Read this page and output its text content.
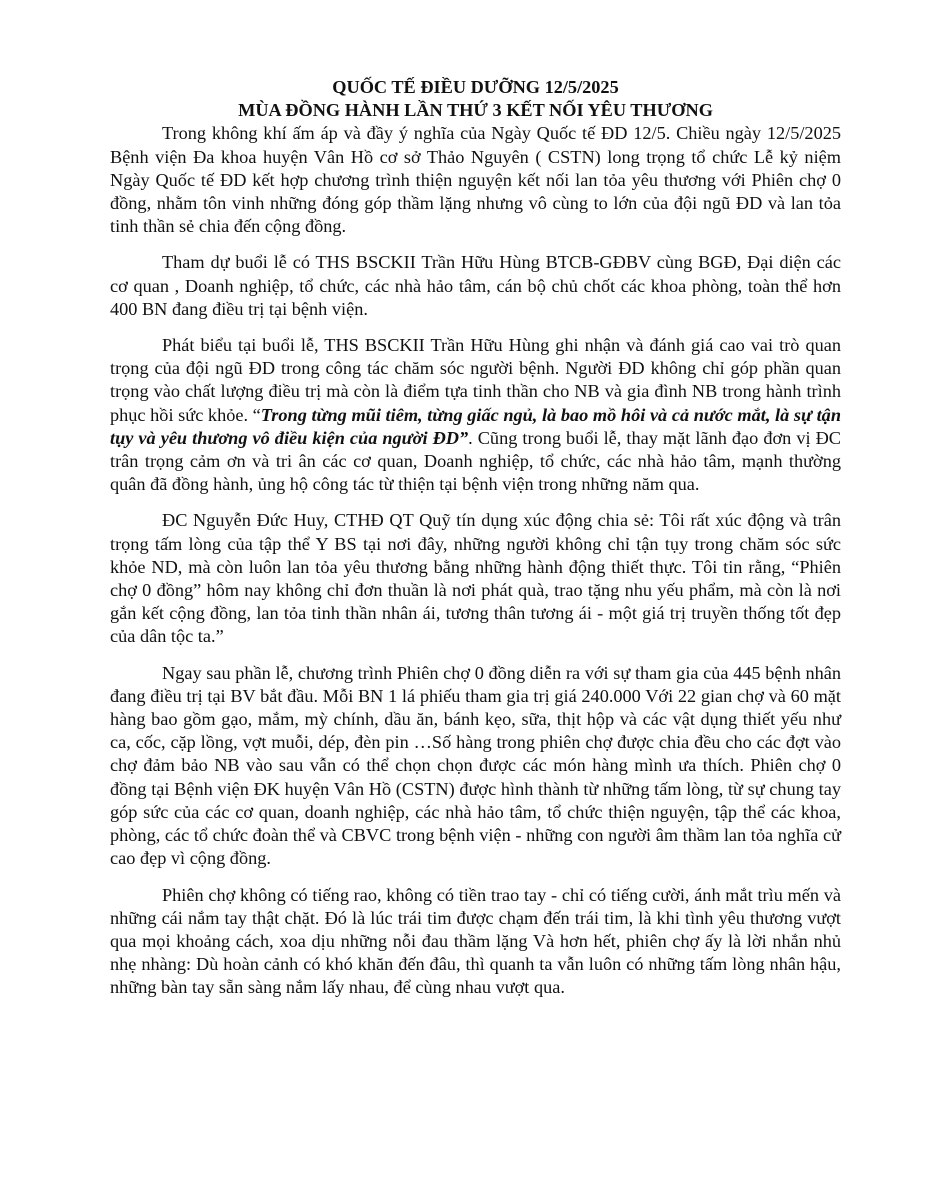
QUỐC TẾ ĐIỀU DƯỠNG 12/5/2025
MÙA ĐỒNG HÀNH LẦN THỨ 3 KẾT NỐI YÊU THƯƠNG

Trong không khí ấm áp và đầy ý nghĩa của Ngày Quốc tế ĐD 12/5. Chiều ngày 12/5/2025 Bệnh viện Đa khoa huyện Vân Hồ cơ sở Thảo Nguyên ( CSTN) long trọng tổ chức Lễ kỷ niệm Ngày Quốc tế ĐD kết hợp chương trình thiện nguyện kết nối lan tỏa yêu thương với Phiên chợ 0 đồng, nhằm tôn vinh những đóng góp thầm lặng nhưng vô cùng to lớn của đội ngũ ĐD và lan tỏa tinh thần sẻ chia đến cộng đồng.

Tham dự buổi lễ có THS BSCKII Trần Hữu Hùng BTCB-GĐBV cùng BGĐ, Đại diện các cơ quan , Doanh nghiệp, tổ chức, các nhà hảo tâm, cán bộ chủ chốt các khoa phòng, toàn thể hơn 400 BN đang điều trị tại bệnh viện.

Phát biểu tại buổi lễ, THS BSCKII Trần Hữu Hùng ghi nhận và đánh giá cao vai trò quan trọng của đội ngũ ĐD trong công tác chăm sóc người bệnh. Người ĐD không chỉ góp phần quan trọng vào chất lượng điều trị mà còn là điểm tựa tinh thần cho NB và gia đình NB trong hành trình phục hồi sức khỏe. “Trong từng mũi tiêm, từng giấc ngủ, là bao mồ hôi và cả nước mắt, là sự tận tụy và yêu thương vô điều kiện của người ĐD”. Cũng trong buổi lễ, thay mặt lãnh đạo đơn vị ĐC trân trọng cảm ơn và tri ân các cơ quan, Doanh nghiệp, tổ chức, các nhà hảo tâm, mạnh thường quân đã đồng hành, ủng hộ công tác từ thiện tại bệnh viện trong những năm qua.

ĐC Nguyễn Đức Huy, CTHĐ QT Quỹ tín dụng xúc động chia sẻ: Tôi rất xúc động và trân trọng tấm lòng của tập thể Y BS tại nơi đây, những người không chỉ tận tụy trong chăm sóc sức khỏe ND, mà còn luôn lan tỏa yêu thương bằng những hành động thiết thực. Tôi tin rằng, “Phiên chợ 0 đồng” hôm nay không chỉ đơn thuần là nơi phát quà, trao tặng nhu yếu phẩm, mà còn là nơi gắn kết cộng đồng, lan tỏa tinh thần nhân ái, tương thân tương ái - một giá trị truyền thống tốt đẹp của dân tộc ta.”

Ngay sau phần lễ, chương trình Phiên chợ 0 đồng diễn ra với sự tham gia của 445 bệnh nhân đang điều trị tại BV bắt đầu. Mỗi BN 1 lá phiếu tham gia trị giá 240.000 Với 22 gian chợ và 60 mặt hàng bao gồm gạo, mắm, mỳ chính, dầu ăn, bánh kẹo, sữa, thịt hộp và các vật dụng thiết yếu như ca, cốc, cặp lồng, vợt muỗi, dép, đèn pin …Số hàng trong phiên chợ được chia đều cho các đợt vào chợ đảm bảo NB vào sau vẫn có thể chọn chọn được các món hàng mình ưa thích. Phiên chợ 0 đồng tại Bệnh viện ĐK huyện Vân Hồ (CSTN) được hình thành từ những tấm lòng, từ sự chung tay góp sức của các cơ quan, doanh nghiệp, các nhà hảo tâm, tổ chức thiện nguyện, tập thể các khoa, phòng, các tổ chức đoàn thể và CBVC trong bệnh viện - những con người âm thầm lan tỏa nghĩa cử cao đẹp vì cộng đồng.

Phiên chợ không có tiếng rao, không có tiền trao tay - chỉ có tiếng cười, ánh mắt trìu mến và những cái nắm tay thật chặt. Đó là lúc trái tim được chạm đến trái tim, là khi tình yêu thương vượt qua mọi khoảng cách, xoa dịu những nỗi đau thầm lặng Và hơn hết, phiên chợ ấy là lời nhắn nhủ nhẹ nhàng: Dù hoàn cảnh có khó khăn đến đâu, thì quanh ta vẫn luôn có những tấm lòng nhân hậu, những bàn tay sẵn sàng nắm lấy nhau, để cùng nhau vượt qua.
